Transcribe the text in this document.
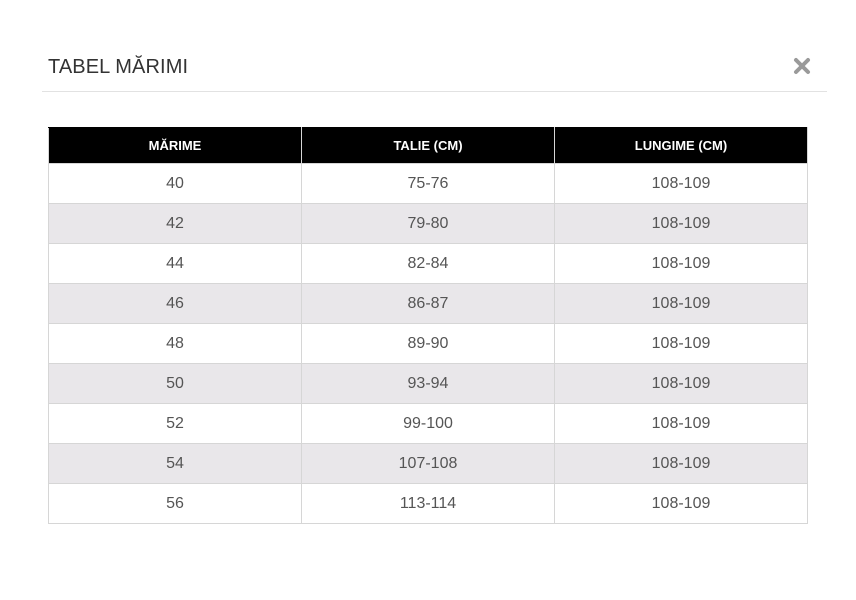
TABEL MĂRIMI
MĂRIME	TALIE (CM)	LUNGIME (CM)
40	75-76	108-109
42	79-80	108-109
44	82-84	108-109
46	86-87	108-109
48	89-90	108-109
50	93-94	108-109
52	99-100	108-109
54	107-108	108-109
56	113-114	108-109
